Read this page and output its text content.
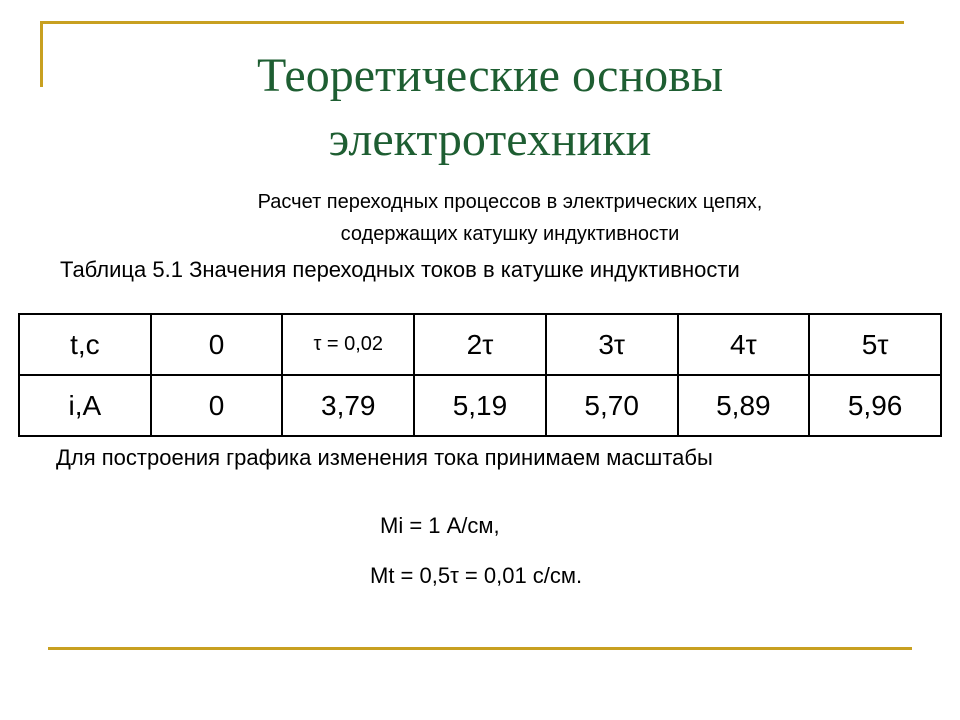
Теоретические основы
электротехники
Расчет переходных процессов в электрических цепях,
содержащих катушку индуктивности
Таблица 5.1 Значения переходных токов в катушке индуктивности
t,c	0	τ = 0,02	2τ	3τ	4τ	5τ
i,A	0	3,79	5,19	5,70	5,89	5,96
Для построения графика изменения тока принимаем масштабы
Mi = 1 А/см,
Mt = 0,5τ = 0,01 с/см.
